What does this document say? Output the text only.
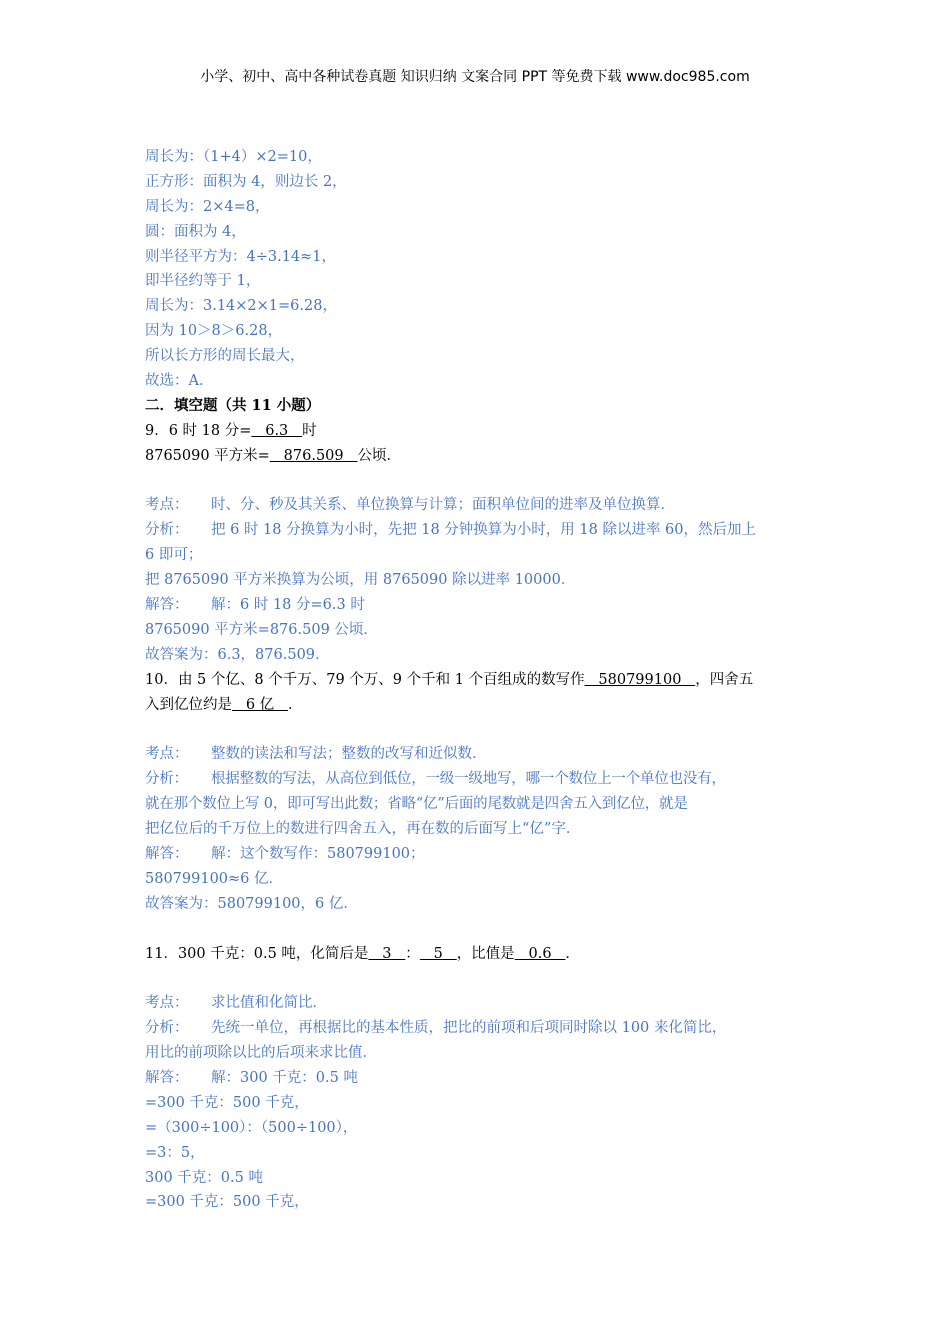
小学、初中、高中各种试卷真题 知识归纳 文案合同 PPT 等免费下载 www.doc985.com
周长为：（1+4）×2=10，
正方形：面积为 4，则边长 2，
周长为：2×4=8，
圆：面积为 4，
则半径平方为：4÷3.14≈1，
即半径约等于 1，
周长为：3.14×2×1=6.28，
因为 10＞8＞6.28，
所以长方形的周长最大，
故选：A．
二．填空题（共 11 小题）
9．6 时 18 分=   6.3   时
8765090 平方米=   876.509   公顷．
考点： 时、分、秒及其关系、单位换算与计算；面积单位间的进率及单位换算．
分析： 把 6 时 18 分换算为小时，先把 18 分钟换算为小时，用 18 除以进率 60，然后加上
6 即可；
把 8765090 平方米换算为公顷，用 8765090 除以进率 10000．
解答： 解：6 时 18 分=6.3 时
8765090 平方米=876.509 公顷．
故答案为：6.3，876.509．
10．由 5 个亿、8 个千万、79 个万、9 个千和 1 个百组成的数写作   580799100   ，四舍五
入到亿位约是   6 亿   ．
考点： 整数的读法和写法；整数的改写和近似数．
分析： 根据整数的写法，从高位到低位，一级一级地写，哪一个数位上一个单位也没有，
就在那个数位上写 0，即可写出此数；省略“亿”后面的尾数就是四舍五入到亿位，就是
把亿位后的千万位上的数进行四舍五入，再在数的后面写上“亿”字．
解答： 解：这个数写作：580799100；
580799100≈6 亿．
故答案为：580799100，6 亿．
11．300 千克：0.5 吨，化简后是   3   ：   5   ，比值是   0.6   ．
考点： 求比值和化简比．
分析： 先统一单位，再根据比的基本性质，把比的前项和后项同时除以 100 来化简比，
用比的前项除以比的后项来求比值．
解答： 解：300 千克：0.5 吨
=300 千克：500 千克，
=（300÷100）：（500÷100），
=3：5，
300 千克：0.5 吨
=300 千克：500 千克，
